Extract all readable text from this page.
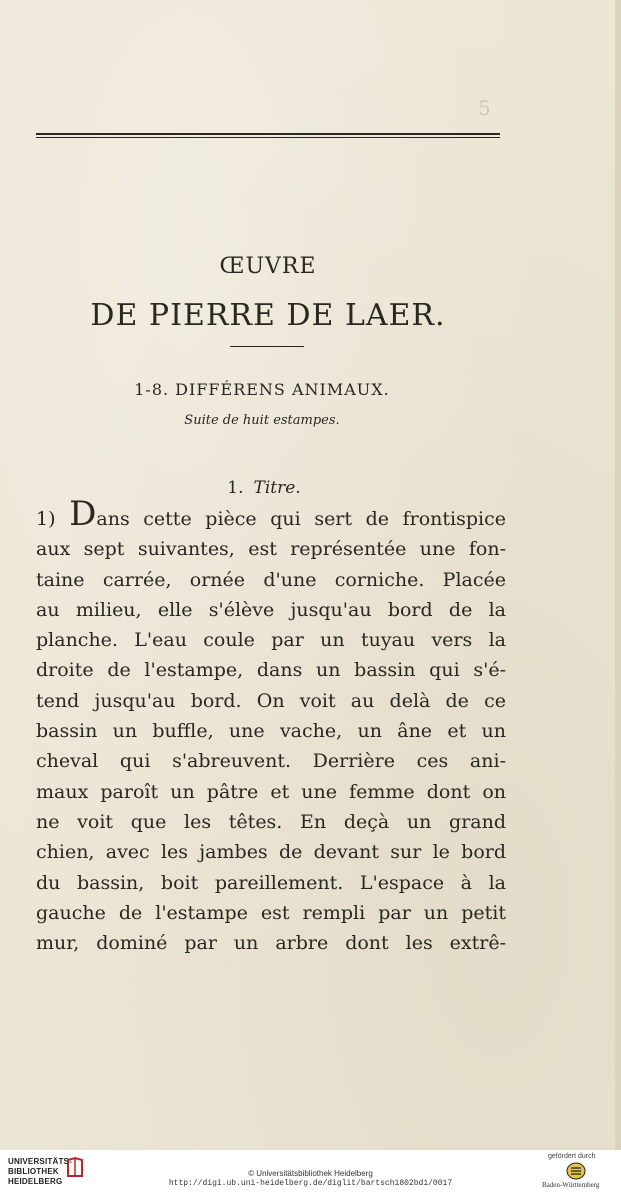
5
ŒUVRE
DE PIERRE DE LAER.
1-8. DIFFÉRENS ANIMAUX.
Suite de huit estampes.
1. Titre.
1) Dans cette pièce qui sert de frontispice
aux sept suivantes, est représentée une fon-
taine carrée, ornée d'une corniche. Placée
au milieu, elle s'élève jusqu'au bord de la
planche. L'eau coule par un tuyau vers la
droite de l'estampe, dans un bassin qui s'é-
tend jusqu'au bord. On voit au delà de ce
bassin un buffle, une vache, un âne et un
cheval qui s'abreuvent. Derrière ces ani-
maux paroît un pâtre et une femme dont on
ne voit que les têtes. En deçà un grand
chien, avec les jambes de devant sur le bord
du bassin, boit pareillement. L'espace à la
gauche de l'estampe est rempli par un petit
mur, dominé par un arbre dont les extrê-
UNIVERSITÄTS-
BIBLIOTHEK
HEIDELBERG
© Universitätsbibliothek Heidelberg
http://digi.ub.uni-heidelberg.de/diglit/bartsch1802bd1/0017
gefördert durch
Baden-Württemberg
